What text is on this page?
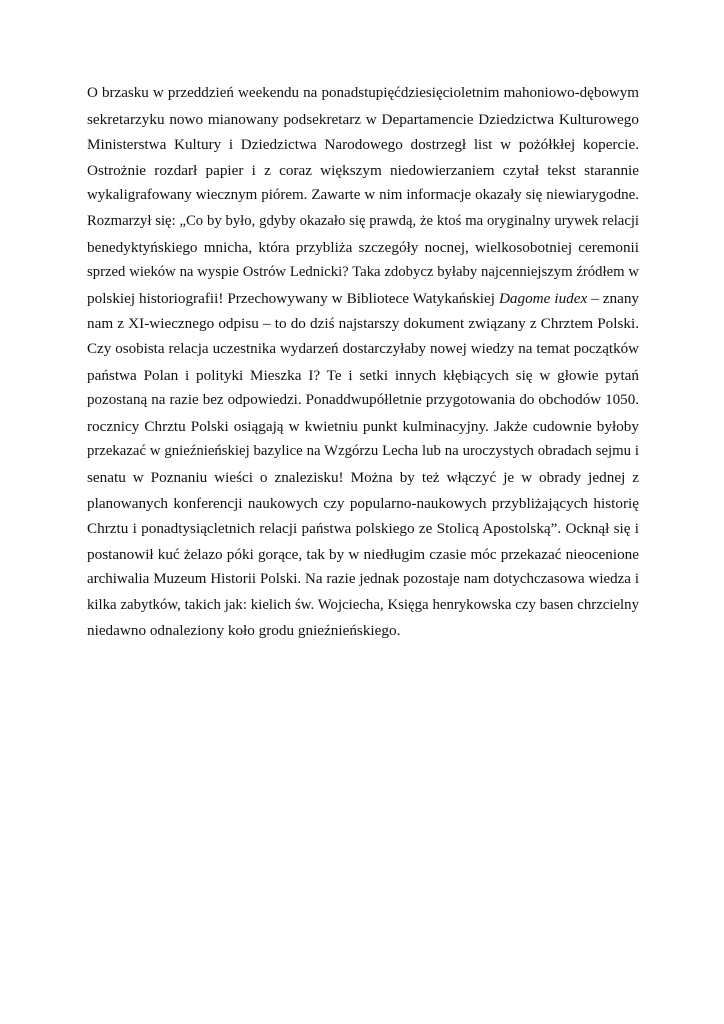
O brzasku w przeddzień weekendu na ponadstupięćdziesięcioletnim mahoniowo-dębowym
sekretarzyku nowo mianowany podsekretarz w Departamencie Dziedzictwa Kulturowego
Ministerstwa Kultury i Dziedzictwa Narodowego dostrzegł list w pożółkłej kopercie.
Ostrożnie rozdarł papier i z coraz większym niedowierzaniem czytał tekst starannie
wykaligrafowany wiecznym piórem. Zawarte w nim informacje okazały się niewiarygodne.
Rozmarzył się: „Co by było, gdyby okazało się prawdą, że ktoś ma oryginalny urywek relacji
benedyktyńskiego mnicha, która przybliża szczegóły nocnej, wielkosobotniej ceremonii
sprzed wieków na wyspie Ostrów Lednicki? Taka zdobycz byłaby najcenniejszym źródłem w
polskiej historiografii! Przechowywany w Bibliotece Watykańskiej Dagome iudex – znany
nam z XI-wiecznego odpisu – to do dziś najstarszy dokument związany z Chrztem Polski.
Czy osobista relacja uczestnika wydarzeń dostarczyłaby nowej wiedzy na temat początków
państwa Polan i polityki Mieszka I? Te i setki innych kłębiących się w głowie pytań
pozostaną na razie bez odpowiedzi. Ponaddwupółletnie przygotowania do obchodów 1050.
rocznicy Chrztu Polski osiągają w kwietniu punkt kulminacyjny. Jakże cudownie byłoby
przekazać w gnieźnieńskiej bazylice na Wzgórzu Lecha lub na uroczystych obradach sejmu i
senatu w Poznaniu wieści o znalezisku! Można by też włączyć je w obrady jednej z
planowanych konferencji naukowych czy popularno-naukowych przybliżających historię
Chrztu i ponadtysiącletnich relacji państwa polskiego ze Stolicą Apostolską”. Ocknął się i
postanowił kuć żelazo póki gorące, tak by w niedługim czasie móc przekazać nieocenione
archiwalia Muzeum Historii Polski. Na razie jednak pozostaje nam dotychczasowa wiedza i
kilka zabytków, takich jak: kielich św. Wojciecha, Księga henrykowska czy basen chrzcielny
niedawno odnaleziony koło grodu gnieźnieńskiego.
